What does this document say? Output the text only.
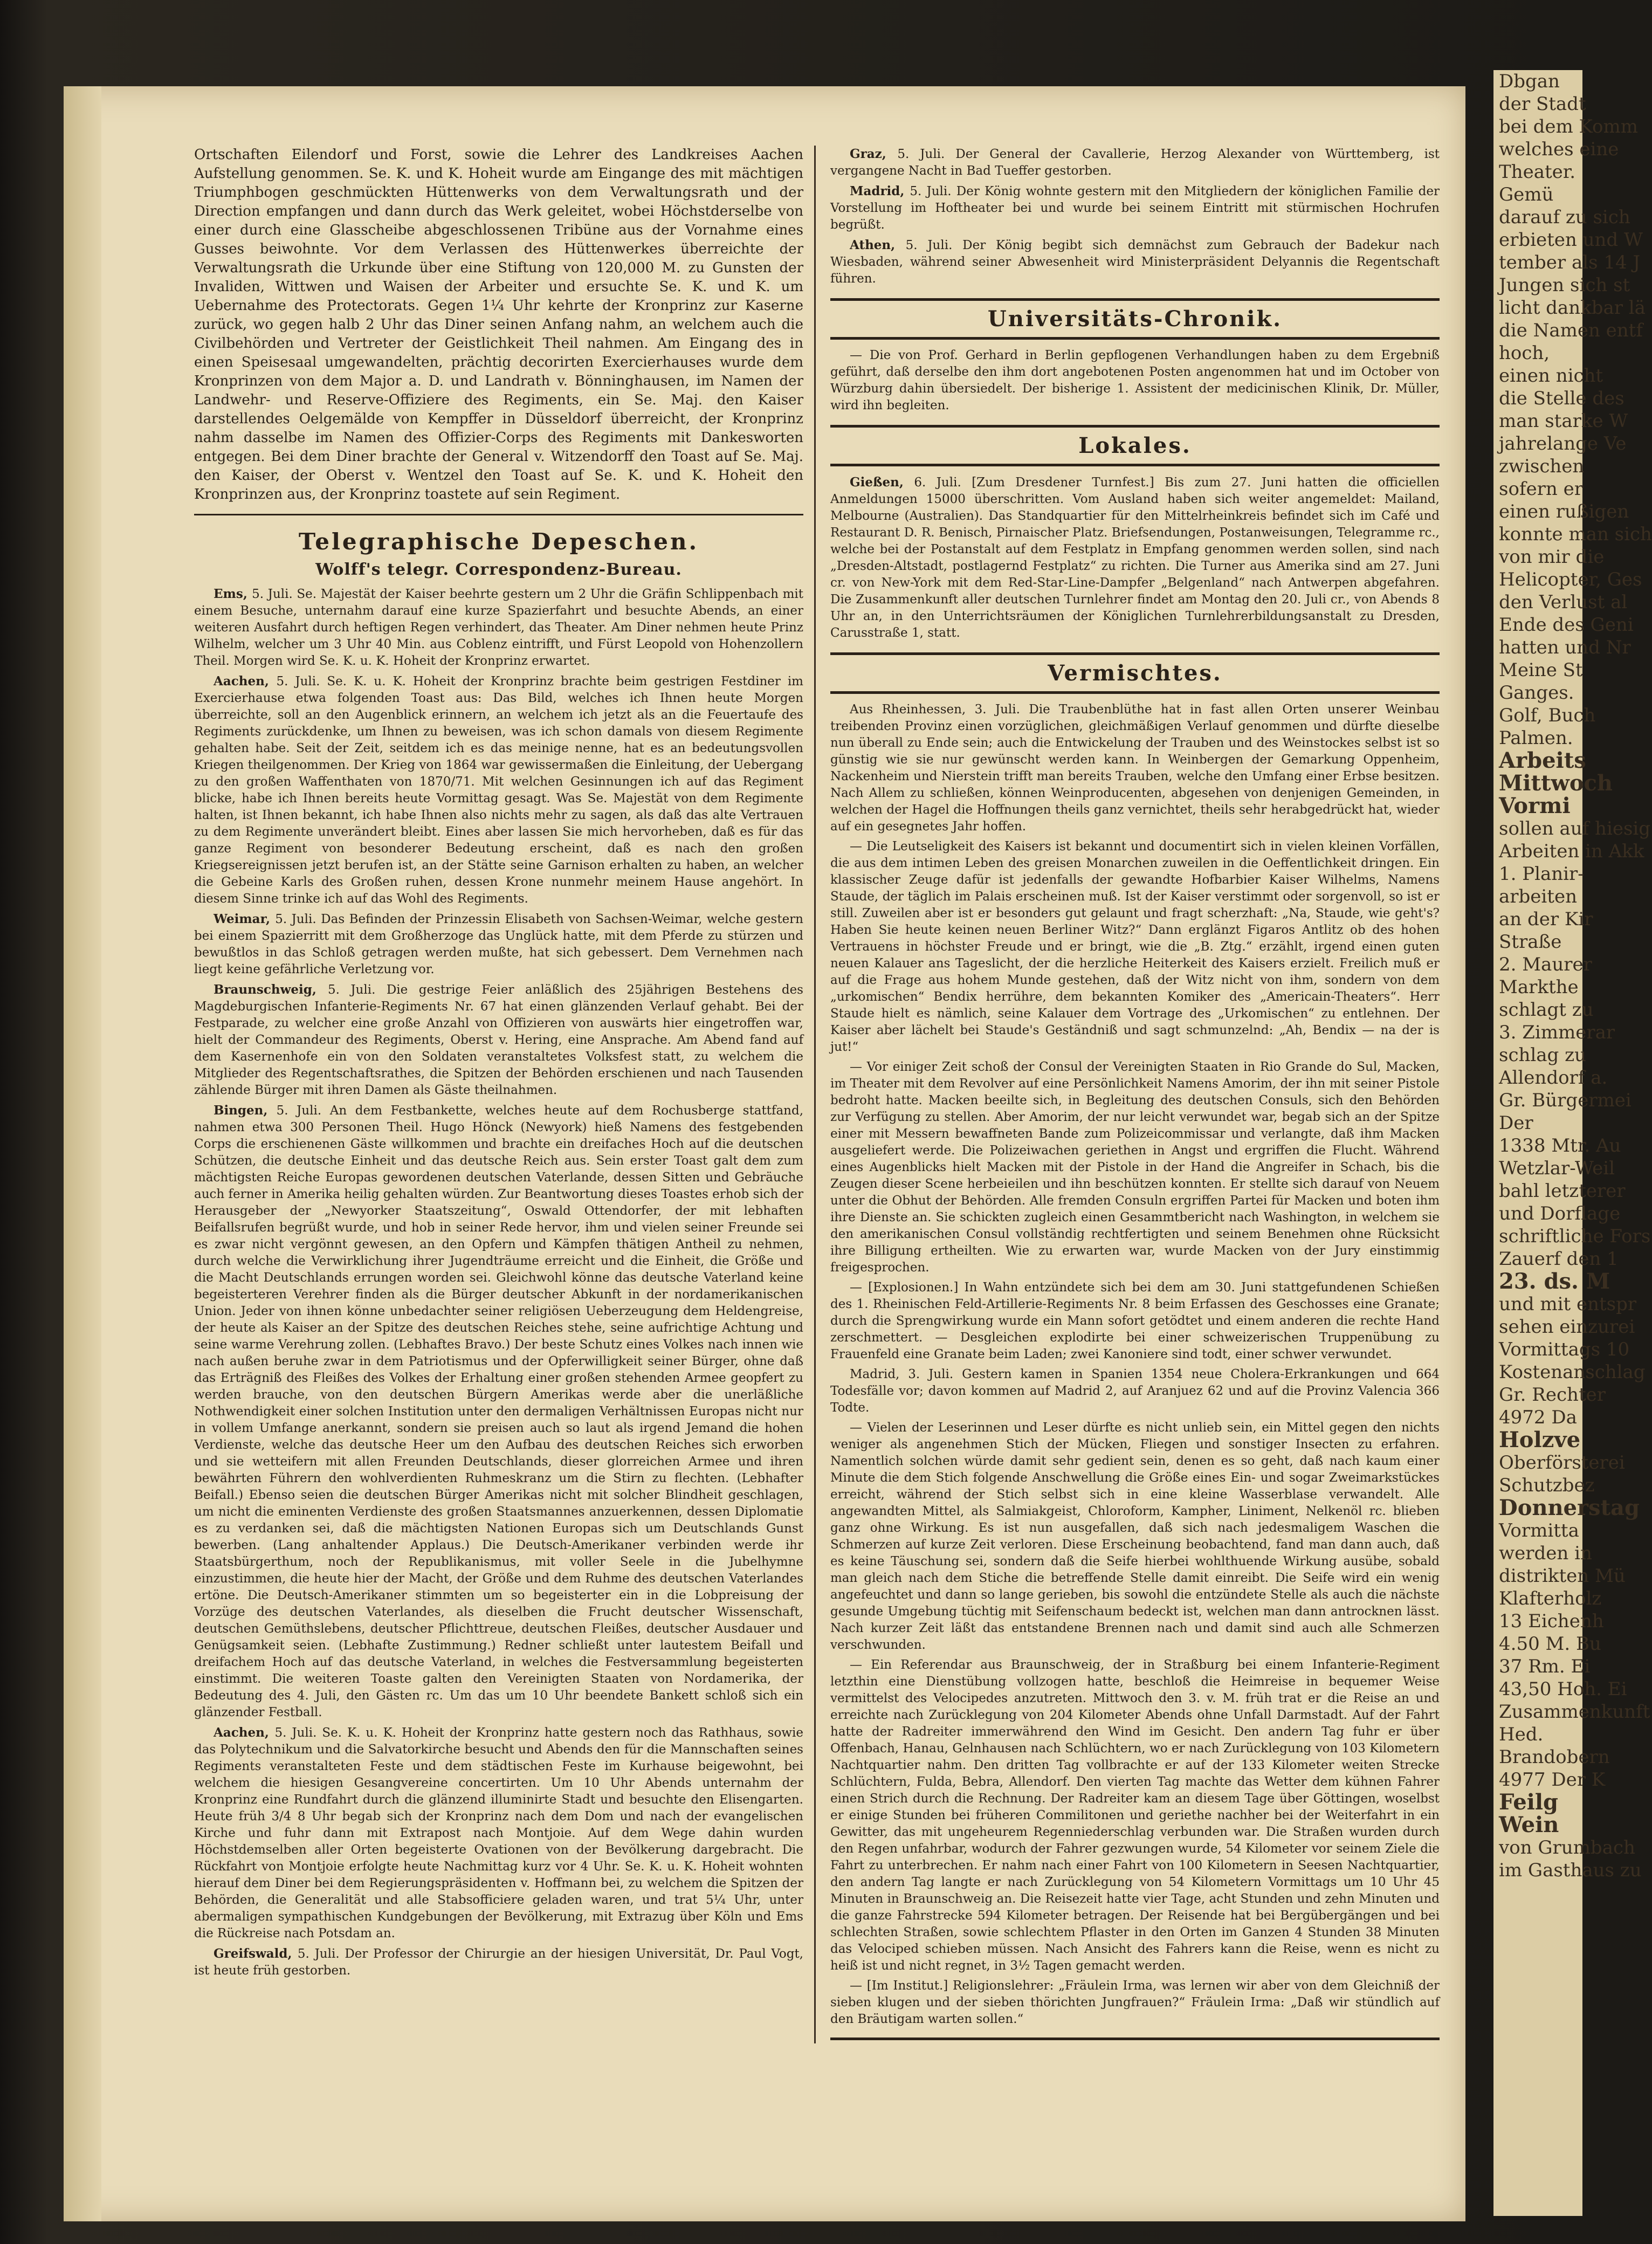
Dbgan
der Stadt
bei dem Komm
welches eine
Theater.
Gemü
darauf zu sich
erbieten und W
tember als 14 J
Jungen sich st
licht dankbar lä
die Namen entf
hoch,
einen nicht
die Stelle des
man starke W
jahrelange Ve
zwischen
sofern er
einen rußigen
konnte man sich
von mir die
Helicopter, Ges
den Verlust al
Ende des Geni
hatten und Nr
Meine St
Ganges.
Golf, Buch
Palmen.
Arbeits
Mittwoch
Vormi
sollen auf hiesig
Arbeiten in Akk
1. Planir-
arbeiten
an der Kir
Straße
2. Maurer
Markthe
schlagt zu
3. Zimmerar
schlag zu
Allendorf a.
Gr. Bürgermei
Der
1338 Mtr. Au
Wetzlar-Weil
bahl letzterer
und Dorflage
schriftliche Fors
Zauerf den 1
23. ds. M
und mit entspr
sehen einzurei
Vormittags 10
Kostenanschlag
Gr. Rechter
4972 Da
Holzve
Oberförsterei
Schutzbez
Donnerstag
Vormitta
werden in
distrikten Mü
Klafterholz
13 Eichenh
4.50 M. Bu
37 Rm. Ei
43,50 Hoh. Ei
Zusammenkunft
Hed.
Brandobern
4977 Der K
Feilg
Wein
von Grumbach
im Gasthaus zu

Ortschaften Eilendorf und Forst, sowie die Lehrer des Landkreises Aachen Aufstellung genommen. Se. K. und K. Hoheit wurde am Eingange des mit mächtigen Triumphbogen geschmückten Hüttenwerks von dem Verwaltungsrath und der Direction empfangen und dann durch das Werk geleitet, wobei Höchstderselbe von einer durch eine Glasscheibe abgeschlossenen Tribüne aus der Vornahme eines Gusses beiwohnte. Vor dem Verlassen des Hüttenwerkes überreichte der Verwaltungsrath die Urkunde über eine Stiftung von 120,000 M. zu Gunsten der Invaliden, Wittwen und Waisen der Arbeiter und ersuchte Se. K. und K. um Uebernahme des Protectorats. Gegen 1¼ Uhr kehrte der Kronprinz zur Kaserne zurück, wo gegen halb 2 Uhr das Diner seinen Anfang nahm, an welchem auch die Civilbehörden und Vertreter der Geistlichkeit Theil nahmen. Am Eingang des in einen Speisesaal umgewandelten, prächtig decorirten Exercierhauses wurde dem Kronprinzen von dem Major a. D. und Landrath v. Bönninghausen, im Namen der Landwehr- und Reserve-Offiziere des Regiments, ein Se. Maj. den Kaiser darstellendes Oelgemälde von Kempffer in Düsseldorf überreicht, der Kronprinz nahm dasselbe im Namen des Offizier-Corps des Regiments mit Dankesworten entgegen. Bei dem Diner brachte der General v. Witzendorff den Toast auf Se. Maj. den Kaiser, der Oberst v. Wentzel den Toast auf Se. K. und K. Hoheit den Kronprinzen aus, der Kronprinz toastete auf sein Regiment.

Telegraphische Depeschen.
Wolff's telegr. Correspondenz-Bureau.

Ems, 5. Juli. Se. Majestät der Kaiser beehrte gestern um 2 Uhr die Gräfin Schlippenbach mit einem Besuche, unternahm darauf eine kurze Spazierfahrt und besuchte Abends, an einer weiteren Ausfahrt durch heftigen Regen verhindert, das Theater. Am Diner nehmen heute Prinz Wilhelm, welcher um 3 Uhr 40 Min. aus Coblenz eintrifft, und Fürst Leopold von Hohenzollern Theil. Morgen wird Se. K. u. K. Hoheit der Kronprinz erwartet.

Aachen, 5. Juli. Se. K. u. K. Hoheit der Kronprinz brachte beim gestrigen Festdiner im Exercierhause etwa folgenden Toast aus: Das Bild, welches ich Ihnen heute Morgen überreichte, soll an den Augenblick erinnern, an welchem ich jetzt als an die Feuertaufe des Regiments zurückdenke, um Ihnen zu beweisen, was ich schon damals von diesem Regimente gehalten habe. Seit der Zeit, seitdem ich es das meinige nenne, hat es an bedeutungsvollen Kriegen theilgenommen. Der Krieg von 1864 war gewissermaßen die Einleitung, der Uebergang zu den großen Waffenthaten von 1870/71. Mit welchen Gesinnungen ich auf das Regiment blicke, habe ich Ihnen bereits heute Vormittag gesagt. Was Se. Majestät von dem Regimente halten, ist Ihnen bekannt, ich habe Ihnen also nichts mehr zu sagen, als daß das alte Vertrauen zu dem Regimente unverändert bleibt. Eines aber lassen Sie mich hervorheben, daß es für das ganze Regiment von besonderer Bedeutung erscheint, daß es nach den großen Kriegsereignissen jetzt berufen ist, an der Stätte seine Garnison erhalten zu haben, an welcher die Gebeine Karls des Großen ruhen, dessen Krone nunmehr meinem Hause angehört. In diesem Sinne trinke ich auf das Wohl des Regiments.

Weimar, 5. Juli. Das Befinden der Prinzessin Elisabeth von Sachsen-Weimar, welche gestern bei einem Spazierritt mit dem Großherzoge das Unglück hatte, mit dem Pferde zu stürzen und bewußtlos in das Schloß getragen werden mußte, hat sich gebessert. Dem Vernehmen nach liegt keine gefährliche Verletzung vor.

Braunschweig, 5. Juli. Die gestrige Feier anläßlich des 25jährigen Bestehens des Magdeburgischen Infanterie-Regiments Nr. 67 hat einen glänzenden Verlauf gehabt. Bei der Festparade, zu welcher eine große Anzahl von Offizieren von auswärts hier eingetroffen war, hielt der Commandeur des Regiments, Oberst v. Hering, eine Ansprache. Am Abend fand auf dem Kasernenhofe ein von den Soldaten veranstaltetes Volksfest statt, zu welchem die Mitglieder des Regentschaftsrathes, die Spitzen der Behörden erschienen und nach Tausenden zählende Bürger mit ihren Damen als Gäste theilnahmen.

Bingen, 5. Juli. An dem Festbankette, welches heute auf dem Rochusberge stattfand, nahmen etwa 300 Personen Theil. Hugo Hönck (Newyork) hieß Namens des festgebenden Corps die erschienenen Gäste willkommen und brachte ein dreifaches Hoch auf die deutschen Schützen, die deutsche Einheit und das deutsche Reich aus. Sein erster Toast galt dem zum mächtigsten Reiche Europas gewordenen deutschen Vaterlande, dessen Sitten und Gebräuche auch ferner in Amerika heilig gehalten würden. Zur Beantwortung dieses Toastes erhob sich der Herausgeber der „Newyorker Staatszeitung“, Oswald Ottendorfer, der mit lebhaften Beifallsrufen begrüßt wurde, und hob in seiner Rede hervor, ihm und vielen seiner Freunde sei es zwar nicht vergönnt gewesen, an den Opfern und Kämpfen thätigen Antheil zu nehmen, durch welche die Verwirklichung ihrer Jugendträume erreicht und die Einheit, die Größe und die Macht Deutschlands errungen worden sei. Gleichwohl könne das deutsche Vaterland keine begeisterteren Verehrer finden als die Bürger deutscher Abkunft in der nordamerikanischen Union. Jeder von ihnen könne unbedachter seiner religiösen Ueberzeugung dem Heldengreise, der heute als Kaiser an der Spitze des deutschen Reiches stehe, seine aufrichtige Achtung und seine warme Verehrung zollen. (Lebhaftes Bravo.) Der beste Schutz eines Volkes nach innen wie nach außen beruhe zwar in dem Patriotismus und der Opferwilligkeit seiner Bürger, ohne daß das Erträgniß des Fleißes des Volkes der Erhaltung einer großen stehenden Armee geopfert zu werden brauche, von den deutschen Bürgern Amerikas werde aber die unerläßliche Nothwendigkeit einer solchen Institution unter den dermaligen Verhältnissen Europas nicht nur in vollem Umfange anerkannt, sondern sie preisen auch so laut als irgend Jemand die hohen Verdienste, welche das deutsche Heer um den Aufbau des deutschen Reiches sich erworben und sie wetteifern mit allen Freunden Deutschlands, dieser glorreichen Armee und ihren bewährten Führern den wohlverdienten Ruhmeskranz um die Stirn zu flechten. (Lebhafter Beifall.) Ebenso seien die deutschen Bürger Amerikas nicht mit solcher Blindheit geschlagen, um nicht die eminenten Verdienste des großen Staatsmannes anzuerkennen, dessen Diplomatie es zu verdanken sei, daß die mächtigsten Nationen Europas sich um Deutschlands Gunst bewerben. (Lang anhaltender Applaus.) Die Deutsch-Amerikaner verbinden werde ihr Staatsbürgerthum, noch der Republikanismus, mit voller Seele in die Jubelhymne einzustimmen, die heute hier der Macht, der Größe und dem Ruhme des deutschen Vaterlandes ertöne. Die Deutsch-Amerikaner stimmten um so begeisterter ein in die Lobpreisung der Vorzüge des deutschen Vaterlandes, als dieselben die Frucht deutscher Wissenschaft, deutschen Gemüthslebens, deutscher Pflichttreue, deutschen Fleißes, deutscher Ausdauer und Genügsamkeit seien. (Lebhafte Zustimmung.) Redner schließt unter lautestem Beifall und dreifachem Hoch auf das deutsche Vaterland, in welches die Festversammlung begeisterten einstimmt. Die weiteren Toaste galten den Vereinigten Staaten von Nordamerika, der Bedeutung des 4. Juli, den Gästen rc. Um das um 10 Uhr beendete Bankett schloß sich ein glänzender Festball.

Aachen, 5. Juli. Se. K. u. K. Hoheit der Kronprinz hatte gestern noch das Rathhaus, sowie das Polytechnikum und die Salvatorkirche besucht und Abends den für die Mannschaften seines Regiments veranstalteten Feste und dem städtischen Feste im Kurhause beigewohnt, bei welchem die hiesigen Gesangvereine concertirten. Um 10 Uhr Abends unternahm der Kronprinz eine Rundfahrt durch die glänzend illuminirte Stadt und besuchte den Elisengarten. Heute früh 3/4 8 Uhr begab sich der Kronprinz nach dem Dom und nach der evangelischen Kirche und fuhr dann mit Extrapost nach Montjoie. Auf dem Wege dahin wurden Höchstdemselben aller Orten begeisterte Ovationen von der Bevölkerung dargebracht. Die Rückfahrt von Montjoie erfolgte heute Nachmittag kurz vor 4 Uhr. Se. K. u. K. Hoheit wohnten hierauf dem Diner bei dem Regierungspräsidenten v. Hoffmann bei, zu welchem die Spitzen der Behörden, die Generalität und alle Stabsofficiere geladen waren, und trat 5¼ Uhr, unter abermaligen sympathischen Kundgebungen der Bevölkerung, mit Extrazug über Köln und Ems die Rückreise nach Potsdam an.

Greifswald, 5. Juli. Der Professor der Chirurgie an der hiesigen Universität, Dr. Paul Vogt, ist heute früh gestorben.

Graz, 5. Juli. Der General der Cavallerie, Herzog Alexander von Württemberg, ist vergangene Nacht in Bad Tueffer gestorben.

Madrid, 5. Juli. Der König wohnte gestern mit den Mitgliedern der königlichen Familie der Vorstellung im Hoftheater bei und wurde bei seinem Eintritt mit stürmischen Hochrufen begrüßt.

Athen, 5. Juli. Der König begibt sich demnächst zum Gebrauch der Badekur nach Wiesbaden, während seiner Abwesenheit wird Ministerpräsident Delyannis die Regentschaft führen.

Universitäts-Chronik.

— Die von Prof. Gerhard in Berlin gepflogenen Verhandlungen haben zu dem Ergebniß geführt, daß derselbe den ihm dort angebotenen Posten angenommen hat und im October von Würzburg dahin übersiedelt. Der bisherige 1. Assistent der medicinischen Klinik, Dr. Müller, wird ihn begleiten.

Lokales.

Gießen, 6. Juli. [Zum Dresdener Turnfest.] Bis zum 27. Juni hatten die officiellen Anmeldungen 15000 überschritten. Vom Ausland haben sich weiter angemeldet: Mailand, Melbourne (Australien). Das Standquartier für den Mittelrheinkreis befindet sich im Café und Restaurant D. R. Benisch, Pirnaischer Platz. Briefsendungen, Postanweisungen, Telegramme rc., welche bei der Postanstalt auf dem Festplatz in Empfang genommen werden sollen, sind nach „Dresden-Altstadt, postlagernd Festplatz“ zu richten. Die Turner aus Amerika sind am 27. Juni cr. von New-York mit dem Red-Star-Line-Dampfer „Belgenland“ nach Antwerpen abgefahren. Die Zusammenkunft aller deutschen Turnlehrer findet am Montag den 20. Juli cr., von Abends 8 Uhr an, in den Unterrichtsräumen der Königlichen Turnlehrerbildungsanstalt zu Dresden, Carusstraße 1, statt.

Vermischtes.

Aus Rheinhessen, 3. Juli. Die Traubenblüthe hat in fast allen Orten unserer Weinbau treibenden Provinz einen vorzüglichen, gleichmäßigen Verlauf genommen und dürfte dieselbe nun überall zu Ende sein; auch die Entwickelung der Trauben und des Weinstockes selbst ist so günstig wie sie nur gewünscht werden kann. In Weinbergen der Gemarkung Oppenheim, Nackenheim und Nierstein trifft man bereits Trauben, welche den Umfang einer Erbse besitzen. Nach Allem zu schließen, können Weinproducenten, abgesehen von denjenigen Gemeinden, in welchen der Hagel die Hoffnungen theils ganz vernichtet, theils sehr herabgedrückt hat, wieder auf ein gesegnetes Jahr hoffen.

— Die Leutseligkeit des Kaisers ist bekannt und documentirt sich in vielen kleinen Vorfällen, die aus dem intimen Leben des greisen Monarchen zuweilen in die Oeffentlichkeit dringen. Ein klassischer Zeuge dafür ist jedenfalls der gewandte Hofbarbier Kaiser Wilhelms, Namens Staude, der täglich im Palais erscheinen muß. Ist der Kaiser verstimmt oder sorgenvoll, so ist er still. Zuweilen aber ist er besonders gut gelaunt und fragt scherzhaft: „Na, Staude, wie geht's? Haben Sie heute keinen neuen Berliner Witz?“ Dann erglänzt Figaros Antlitz ob des hohen Vertrauens in höchster Freude und er bringt, wie die „B. Ztg.“ erzählt, irgend einen guten neuen Kalauer ans Tageslicht, der die herzliche Heiterkeit des Kaisers erzielt. Freilich muß er auf die Frage aus hohem Munde gestehen, daß der Witz nicht von ihm, sondern von dem „urkomischen“ Bendix herrühre, dem bekannten Komiker des „Americain-Theaters“. Herr Staude hielt es nämlich, seine Kalauer dem Vortrage des „Urkomischen“ zu entlehnen. Der Kaiser aber lächelt bei Staude's Geständniß und sagt schmunzelnd: „Ah, Bendix — na der is jut!“

— Vor einiger Zeit schoß der Consul der Vereinigten Staaten in Rio Grande do Sul, Macken, im Theater mit dem Revolver auf eine Persönlichkeit Namens Amorim, der ihn mit seiner Pistole bedroht hatte. Macken beeilte sich, in Begleitung des deutschen Consuls, sich den Behörden zur Verfügung zu stellen. Aber Amorim, der nur leicht verwundet war, begab sich an der Spitze einer mit Messern bewaffneten Bande zum Polizeicommissar und verlangte, daß ihm Macken ausgeliefert werde. Die Polizeiwachen geriethen in Angst und ergriffen die Flucht. Während eines Augenblicks hielt Macken mit der Pistole in der Hand die Angreifer in Schach, bis die Zeugen dieser Scene herbeieilen und ihn beschützen konnten. Er stellte sich darauf von Neuem unter die Obhut der Behörden. Alle fremden Consuln ergriffen Partei für Macken und boten ihm ihre Dienste an. Sie schickten zugleich einen Gesammtbericht nach Washington, in welchem sie den amerikanischen Consul vollständig rechtfertigten und seinem Benehmen ohne Rücksicht ihre Billigung ertheilten. Wie zu erwarten war, wurde Macken von der Jury einstimmig freigesprochen.

— [Explosionen.] In Wahn entzündete sich bei dem am 30. Juni stattgefundenen Schießen des 1. Rheinischen Feld-Artillerie-Regiments Nr. 8 beim Erfassen des Geschosses eine Granate; durch die Sprengwirkung wurde ein Mann sofort getödtet und einem anderen die rechte Hand zerschmettert. — Desgleichen explodirte bei einer schweizerischen Truppenübung zu Frauenfeld eine Granate beim Laden; zwei Kanoniere sind todt, einer schwer verwundet.

Madrid, 3. Juli. Gestern kamen in Spanien 1354 neue Cholera-Erkrankungen und 664 Todesfälle vor; davon kommen auf Madrid 2, auf Aranjuez 62 und auf die Provinz Valencia 366 Todte.

— Vielen der Leserinnen und Leser dürfte es nicht unlieb sein, ein Mittel gegen den nichts weniger als angenehmen Stich der Mücken, Fliegen und sonstiger Insecten zu erfahren. Namentlich solchen würde damit sehr gedient sein, denen es so geht, daß nach kaum einer Minute die dem Stich folgende Anschwellung die Größe eines Ein- und sogar Zweimarkstückes erreicht, während der Stich selbst sich in eine kleine Wasserblase verwandelt. Alle angewandten Mittel, als Salmiakgeist, Chloroform, Kampher, Liniment, Nelkenöl rc. blieben ganz ohne Wirkung. Es ist nun ausgefallen, daß sich nach jedesmaligem Waschen die Schmerzen auf kurze Zeit verloren. Diese Erscheinung beobachtend, fand man dann auch, daß es keine Täuschung sei, sondern daß die Seife hierbei wohlthuende Wirkung ausübe, sobald man gleich nach dem Stiche die betreffende Stelle damit einreibt. Die Seife wird ein wenig angefeuchtet und dann so lange gerieben, bis sowohl die entzündete Stelle als auch die nächste gesunde Umgebung tüchtig mit Seifenschaum bedeckt ist, welchen man dann antrocknen lässt. Nach kurzer Zeit läßt das entstandene Brennen nach und damit sind auch alle Schmerzen verschwunden.

— Ein Referendar aus Braunschweig, der in Straßburg bei einem Infanterie-Regiment letzthin eine Dienstübung vollzogen hatte, beschloß die Heimreise in bequemer Weise vermittelst des Velocipedes anzutreten. Mittwoch den 3. v. M. früh trat er die Reise an und erreichte nach Zurücklegung von 204 Kilometer Abends ohne Unfall Darmstadt. Auf der Fahrt hatte der Radreiter immerwährend den Wind im Gesicht. Den andern Tag fuhr er über Offenbach, Hanau, Gelnhausen nach Schlüchtern, wo er nach Zurücklegung von 103 Kilometern Nachtquartier nahm. Den dritten Tag vollbrachte er auf der 133 Kilometer weiten Strecke Schlüchtern, Fulda, Bebra, Allendorf. Den vierten Tag machte das Wetter dem kühnen Fahrer einen Strich durch die Rechnung. Der Radreiter kam an diesem Tage über Göttingen, woselbst er einige Stunden bei früheren Commilitonen und geriethe nachher bei der Weiterfahrt in ein Gewitter, das mit ungeheurem Regenniederschlag verbunden war. Die Straßen wurden durch den Regen unfahrbar, wodurch der Fahrer gezwungen wurde, 54 Kilometer vor seinem Ziele die Fahrt zu unterbrechen. Er nahm nach einer Fahrt von 100 Kilometern in Seesen Nachtquartier, den andern Tag langte er nach Zurücklegung von 54 Kilometern Vormittags um 10 Uhr 45 Minuten in Braunschweig an. Die Reisezeit hatte vier Tage, acht Stunden und zehn Minuten und die ganze Fahrstrecke 594 Kilometer betragen. Der Reisende hat bei Bergübergängen und bei schlechten Straßen, sowie schlechtem Pflaster in den Orten im Ganzen 4 Stunden 38 Minuten das Velociped schieben müssen. Nach Ansicht des Fahrers kann die Reise, wenn es nicht zu heiß ist und nicht regnet, in 3½ Tagen gemacht werden.

— [Im Institut.] Religionslehrer: „Fräulein Irma, was lernen wir aber von dem Gleichniß der sieben klugen und der sieben thörichten Jungfrauen?“ Fräulein Irma: „Daß wir stündlich auf den Bräutigam warten sollen.“
